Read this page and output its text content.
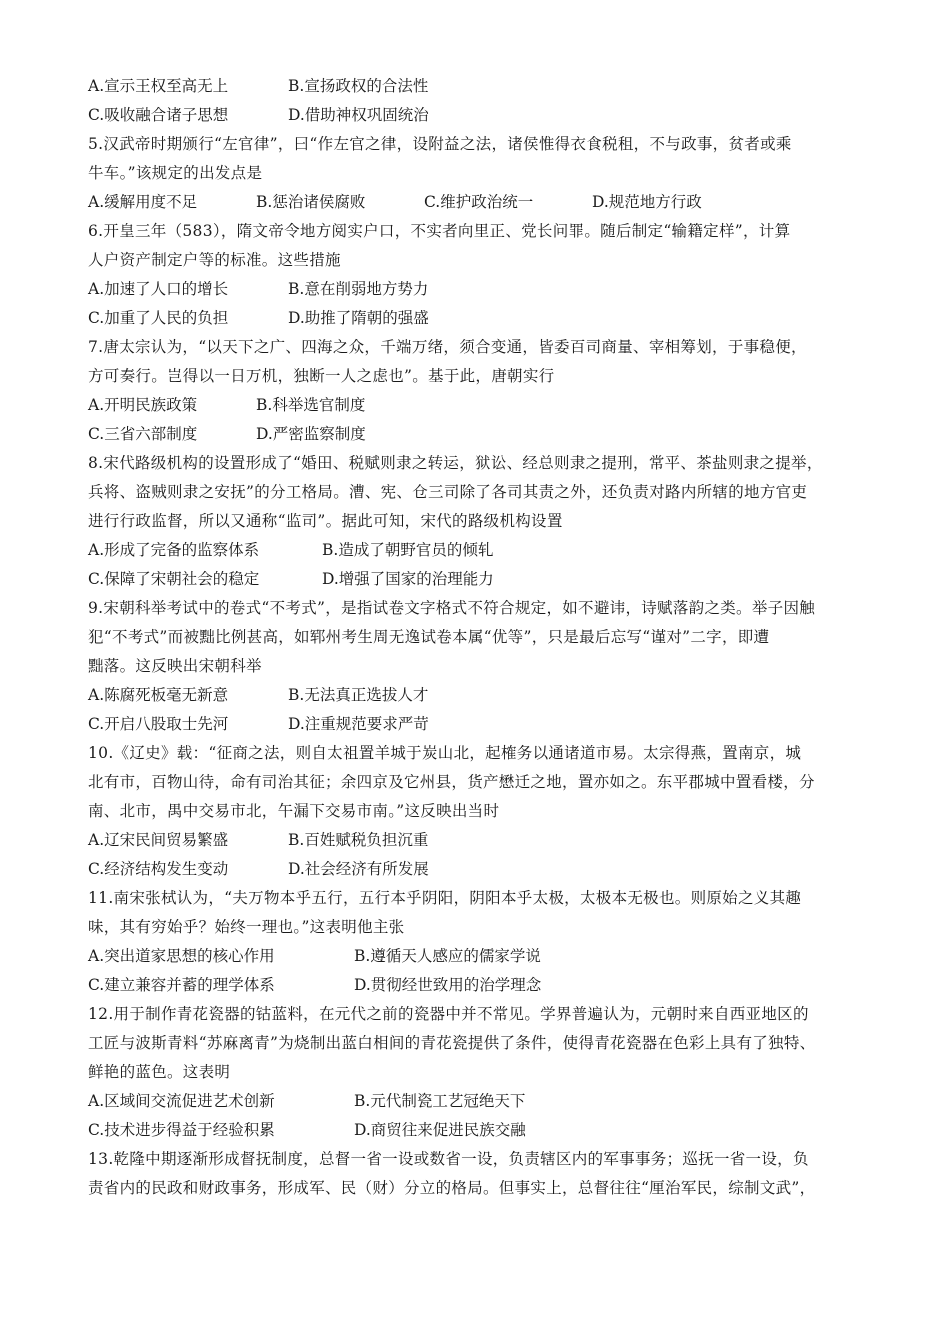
A.宣示王权至高无上	B.宣扬政权的合法性
C.吸收融合诸子思想	D.借助神权巩固统治
5.汉武帝时期颁行“左官律”，曰“作左官之律，设附益之法，诸侯惟得衣食税租，不与政事，贫者或乘
牛车。”该规定的出发点是
A.缓解用度不足	B.惩治诸侯腐败	C.维护政治统一	D.规范地方行政
6.开皇三年（583），隋文帝令地方阅实户口，不实者向里正、党长问罪。随后制定“输籍定样”，计算
人户资产制定户等的标准。这些措施
A.加速了人口的增长	B.意在削弱地方势力
C.加重了人民的负担	D.助推了隋朝的强盛
7.唐太宗认为，“以天下之广、四海之众，千端万绪，须合变通，皆委百司商量、宰相筹划，于事稳便，
方可奏行。岂得以一日万机，独断一人之虑也”。基于此，唐朝实行
A.开明民族政策	B.科举选官制度
C.三省六部制度	D.严密监察制度
8.宋代路级机构的设置形成了“婚田、税赋则隶之转运，狱讼、经总则隶之提刑，常平、茶盐则隶之提举，
兵将、盗贼则隶之安抚”的分工格局。漕、宪、仓三司除了各司其责之外，还负责对路内所辖的地方官吏
进行行政监督，所以又通称“监司”。据此可知，宋代的路级机构设置
A.形成了完备的监察体系	B.造成了朝野官员的倾轧
C.保障了宋朝社会的稳定	D.增强了国家的治理能力
9.宋朝科举考试中的卷式“不考式”，是指试卷文字格式不符合规定，如不避讳，诗赋落韵之类。举子因触
犯“不考式”而被黜比例甚高，如郓州考生周无逸试卷本属“优等”，只是最后忘写“谨对”二字，即遭
黜落。这反映出宋朝科举
A.陈腐死板毫无新意	B.无法真正选拔人才
C.开启八股取士先河	D.注重规范要求严苛
10.《辽史》载：“征商之法，则自太祖置羊城于炭山北，起榷务以通诸道市易。太宗得燕，置南京，城
北有市，百物山待，命有司治其征；余四京及它州县，货产懋迁之地，置亦如之。东平郡城中置看楼，分
南、北市，禺中交易市北，午漏下交易市南。”这反映出当时
A.辽宋民间贸易繁盛	B.百姓赋税负担沉重
C.经济结构发生变动	D.社会经济有所发展
11.南宋张栻认为，“夫万物本乎五行，五行本乎阴阳，阴阳本乎太极，太极本无极也。则原始之义其趣
味，其有穷始乎？始终一理也。”这表明他主张
A.突出道家思想的核心作用	B.遵循天人感应的儒家学说
C.建立兼容并蓄的理学体系	D.贯彻经世致用的治学理念
12.用于制作青花瓷器的钴蓝料，在元代之前的瓷器中并不常见。学界普遍认为，元朝时来自西亚地区的
工匠与波斯青料“苏麻离青”为烧制出蓝白相间的青花瓷提供了条件，使得青花瓷器在色彩上具有了独特、
鲜艳的蓝色。这表明
A.区域间交流促进艺术创新	B.元代制瓷工艺冠绝天下
C.技术进步得益于经验积累	D.商贸往来促进民族交融
13.乾隆中期逐渐形成督抚制度，总督一省一设或数省一设，负责辖区内的军事事务；巡抚一省一设，负
责省内的民政和财政事务，形成军、民（财）分立的格局。但事实上，总督往往“厘治军民，综制文武”，
